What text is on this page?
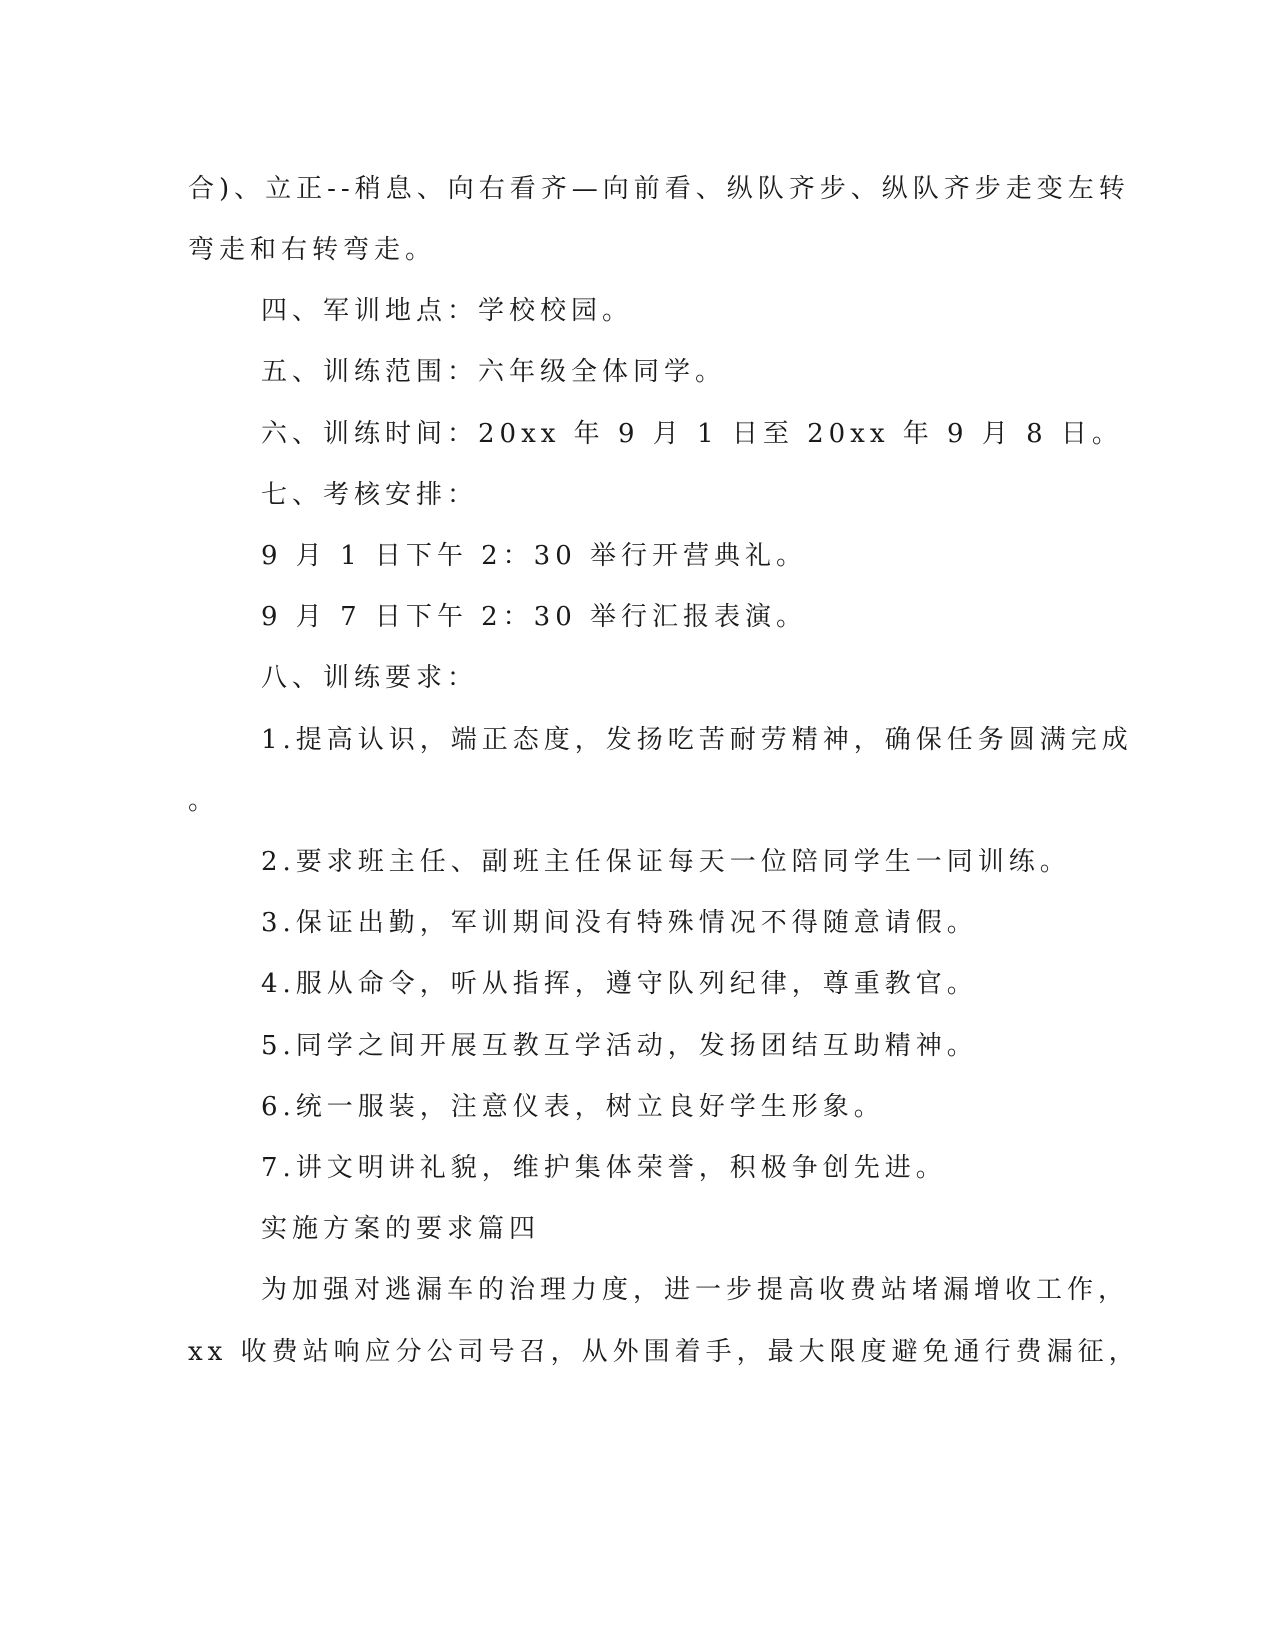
合)、立正--稍息、向右看齐—向前看、纵队齐步、纵队齐步走变左转
弯走和右转弯走。
四、军训地点：学校校园。
五、训练范围：六年级全体同学。
六、训练时间：20xx 年 9 月 1 日至 20xx 年 9 月 8 日。
七、考核安排：
9 月 1 日下午 2：30 举行开营典礼。
9 月 7 日下午 2：30 举行汇报表演。
八、训练要求：
1.提高认识，端正态度，发扬吃苦耐劳精神，确保任务圆满完成
。
2.要求班主任、副班主任保证每天一位陪同学生一同训练。
3.保证出勤，军训期间没有特殊情况不得随意请假。
4.服从命令，听从指挥，遵守队列纪律，尊重教官。
5.同学之间开展互教互学活动，发扬团结互助精神。
6.统一服装，注意仪表，树立良好学生形象。
7.讲文明讲礼貌，维护集体荣誉，积极争创先进。
实施方案的要求篇四
为加强对逃漏车的治理力度，进一步提高收费站堵漏增收工作，
xx 收费站响应分公司号召，从外围着手，最大限度避免通行费漏征，
